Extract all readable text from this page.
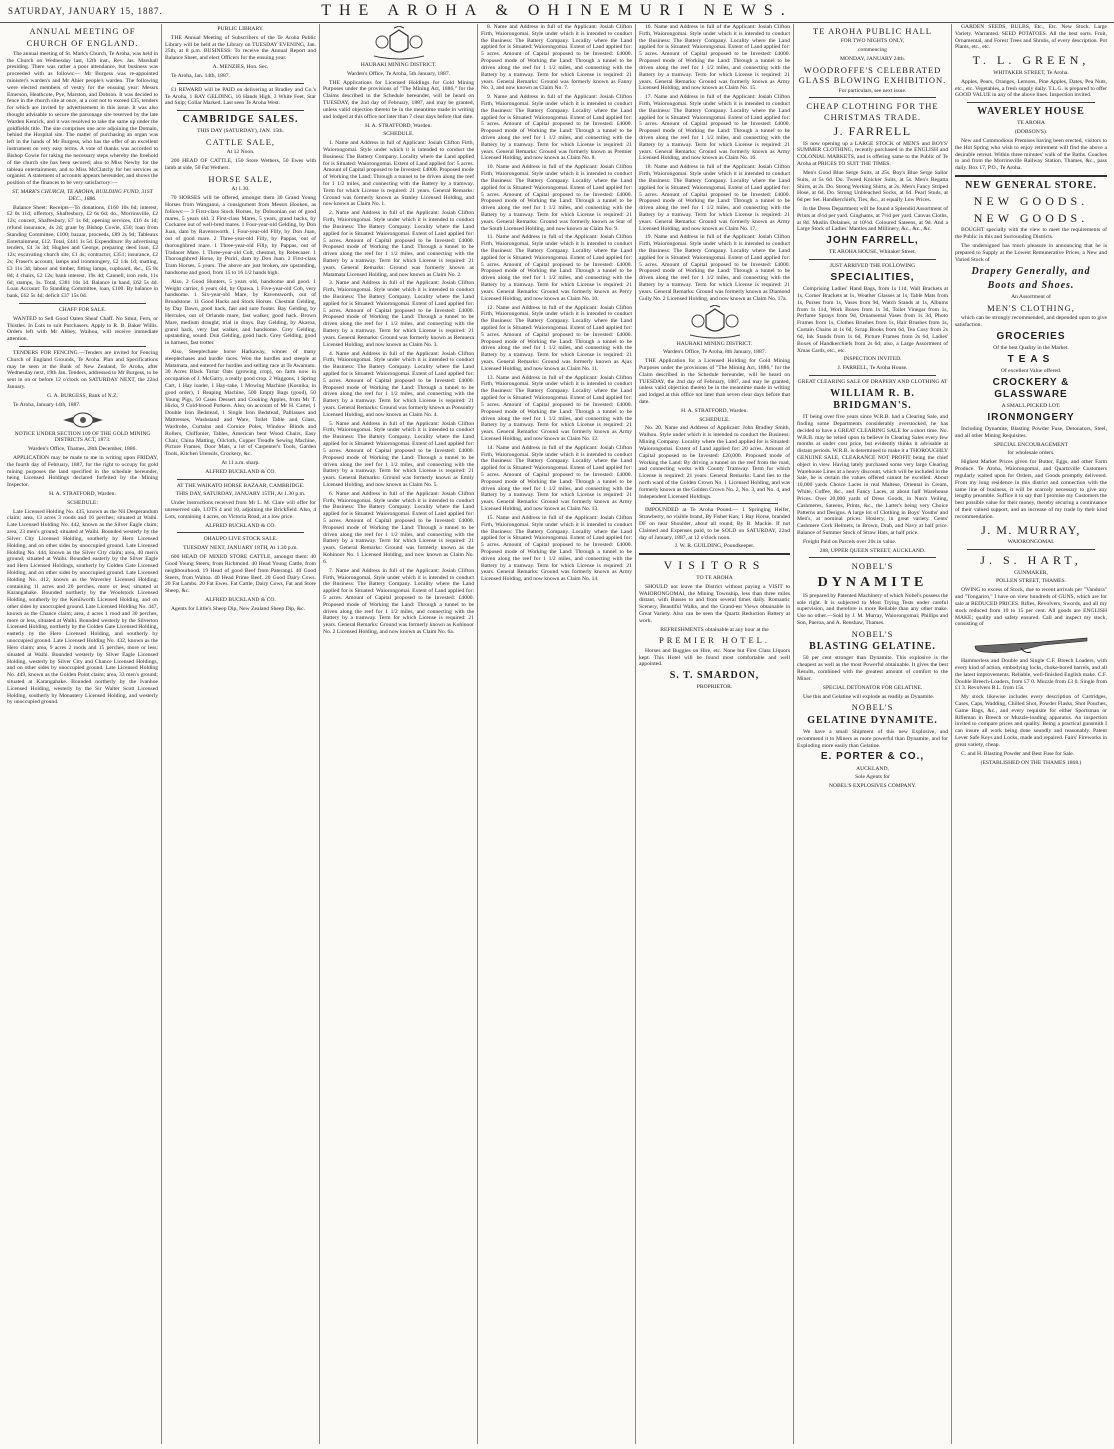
SATURDAY, JANUARY 15, 1887.	THE AROHA & OHINEMURI NEWS.
ANNUAL MEETING OF
CHURCH OF ENGLAND.

The annual meeting of St. Mark's Church, Te Aroha, was held in the Church on Wednesday last, 12th inst., Rev. Jas. Marshall presiding. There was rather a poor attendance, but business was proceeded with as follows:— Mr Burgess was re-appointed minister's warden's and Mr Ahier people's warden. The following were elected members of vestry for the ensuing year: Messrs Emerson, Heathcote, Pye, Marston, and Dobson. It was decided to fence in the church site at once, at a cost not to exceed £35, tenders for which are invited by advertisement in this issue. It was also thought advisable to secure the parsonage site reserved by the late Warden Kenrick, and it was resolved to take the same up under the goldfields title. The site comprises one acre adjoining the Domain, behind the Hospital site. The matter of purchasing an organ was left in the hands of Mr Burgess, who has the offer of an excellent instrument on very easy terms. A vote of thanks was accorded to Bishop Cowie for taking the necessary steps whereby the freehold of the church site has been secured; also to Miss Newby for the tableau entertainment, and to Miss McClatchy for her services as organist. A statement of accounts appears hereunder, and shows the position of the finances to be very satisfactory:—

ST. MARK'S CHURCH, TE AROHA, BUILDING FUND, 31ST DEC., 1886.

Balance Sheet: Receipts—To donations, £160 10s 6d; interest, £2 0s 11d; offertory, Shaftesbury, £2 6s 6d; do., Morrinsville, £2 12s; concert, Shaftesbury, £7 1s 6d; opening services, £16 4s 1d; refund insurance, 4s 2d; grant by Bishop Cowie, £50; loan from Standing Committee, £100; bazaar, proceeds, £89 2s 9d; Tableaux Entertainment, £12. Total, £441 1s 5d. Expenditure: By advertising tenders, £4 3s 3d; Hughes and George, preparing deed loan, £2 12s; excavating church site, £1 4s; contractor, £351; insurance, £2 2s; Fraser's account, lamps and ironmongery, £2 14s 1d; matting, £3 11s 3d; labour and timber, fitting lamps, cupboard, &c., £5 8s 8d; 4 chairs, £2 12s; bank interest, 19s 4d; Cannell, iron rods, 11s 6d; stamps, 1s. Total, £381 16s 1d. Balance in hand, £62 5s 4d. Loan Account: To Standing Committee, loan, £100. By balance in bank, £62 5s 4d; deficit £37 15s 0d.

CHAFF FOR SALE.

WANTED to Sell Good Oaten Sheaf Chaff. No Smut, Fern, or Thistles. In Lots to suit Purchasers. Apply to R. B. Baker Willis. Orders left with Mr Abbey, Waihou, will receive immediate attention.

TENDERS FOR FENCING.—Tenders are invited for Fencing Church of England Grounds, Te Aroha. Plan and Specifications may be seen at the Bank of New Zealand, Te Aroha, after Wednesday next, 19th Jan. Tenders, addressed to Mr Burgess, to be sent in on or before 12 o'clock on SATURDAY NEXT, the 22nd January.

G. A. BURGESS, Bank of N.Z.

Te Aroha, January 14th, 1887.

NOTICE UNDER SECTION 109 OF THE GOLD MINING DISTRICTS ACT, 1873.

Warden's Office, Thames, 28th December, 1886.

APPLICATION may be made to me in writing upon FRIDAY, the fourth day of February, 1887, for the right to occupy for gold mining purposes the land specified in the schedule hereunder, being Licensed Holdings declared forfeited by the Mining Inspector.

H. A. STRATFORD, Warden.

SCHEDULE:

Late Licensed Holding No. 435, known as the Nil Desperandum claim; area, 13 acres 3 roods and 16 perches; situated at Waihi. Late Licensed Holding No. 442, known as the Silver Eagle claim; area, 23 men's ground; situated at Waihi. Bounded westerly by the Silver City Licensed Holding, southerly by Hero Licensed Holding, and on other sides by unoccupied ground. Late Licensed Holding No. 444, known as the Silver City claim; area, 40 men's ground; situated at Waihi. Bounded easterly by the Silver Eagle and Hero Licensed Holdings, southerly by Golden Gate Licensed Holding, and on other sides by unoccupied ground. Late Licensed Holding No. 412, known as the Waverley Licensed Holding; containing 11 acres and 20 perches, more or less; situated at Karangahake. Bounded northerly by the Woolstock Licensed Holding, southerly by the Kenilworth Licensed Holding, and on other sides by unoccupied ground. Late Licensed Holding No. 447, known as the Chance claim; area, 4 acres 1 rood and 30 perches, more or less, situated at Waihi. Bounded westerly by the Silverton Licensed Holding, northerly by the Golden Gate Licensed Holding, easterly by the Hero Licensed Holding, and southerly by unoccupied ground. Late Licensed Holding No. 432, known as the Hero claim; area, 9 acres 2 roods and 15 perches, more or less; situated at Waihi. Bounded westerly by Silver Eagle Licensed Holding, westerly by Silver City and Chance Licensed Holdings, and on other sides by unoccupied ground. Late Licensed Holding No. 449, known as the Golden Point claim; area, 33 men's ground; situated at Karangahake. Bounded northerly by the Ivanhoe Licensed Holding, westerly by the Sir Walter Scott Licensed Holding, southerly by Monastery Licensed Holding, and westerly by unoccupied ground.

PUBLIC LIBRARY.

THE Annual Meeting of Subscribers of the Te Aroha Public Library will be held at the Library on TUESDAY EVENING, Jan. 25th, at 8 p.m. BUSINESS: To receive the Annual Report and Balance Sheet, and elect Officers for the ensuing year.

A. MENZIES, Hon. Sec.

Te Aroha, Jan. 14th, 1887.

£1 REWARD will be PAID on delivering at Bradley and Co.'s Te Aroha, 1 BAY GELDING, 16 Hands High, 3 White Feet, Star and Snip; Collar Marked. Last seen Te Aroha West.

CAMBRIDGE SALES.
THIS DAY (SATURDAY), JAN. 15th.
CATTLE SALE,
At 12 Noon.

200 HEAD OF CATTLE, 150 Store Wethers, 50 Ewes with lamb at side, 50 Fat Wethers.

HORSE SALE,
At 1.30.

70 HORSES will be offered, amongst them 30 Grand Young Horses from Wanganui, a consignment from Messrs Hooken, as follows:— 3 First-class Stock Horses, by Dobsonian out of good mares, 5 years old. 3 First-class Mares, 5 years, grand hacks, by Cockaree out of well-bred mares. 1 Four-year-old Gelding, by Don Juan, dam by Ravensworth. 1 Four-year-old Filly, by Don Juan, out of good mare. 2 Three-year-old Filly, by Pappas, out of thoroughbred mare. 1 Three-year-old Filly, by Pappas, out of Tradacer Mare. 1 Three-year-old Colt, chestnut, by Rebecaaer. 1 Thoroughbred Horse, by Puriri, dam by Don Juan. 2 First-class Tram Horses, 5 years. The above are just broken, are upstanding, handsome and good, from 15 to 16 1/2 hands high.

Also, 2 Good Hunters, 5 years old, handsome and good. 1 Weight carrier, 6 years old, by Opawa. 1 Five-year-old Cob, very handsome. 1 Six-year-old Mare, by Ravensworth, out of Broadstone. 11 Good Hacks and Stock Horses. Chestnut Gelding, by Day Dawn, good hack, fast and sure footer. Bay Gelding, by Hercules, out of Orlando mare, fast walker, good hack. Brown Mare, medium draught, trial in drays. Bay Gelding, by Akaroa, grand hack, very fast walker, and handsome. Grey Gelding, upstanding, sound. Dun Gelding, good hack. Grey Gelding, good in harness, fast trotter.

Also, Steeplechase horse Harkaway, winner of many steeplechases and hurdle races. Won the hurdles and steeple at Matamata, and entered for hurdles and selling race at Te Awamutu. 30 Acres Black Tartar Oats (growing crop), on farm now in occupation of J. McGarry, a really good crop. 2 Waggons, 1 Spring Cart, 1 Hay loader, 1 Hay-rake, 1 Mowing Machine (Kosnika, in good order), 1 Reaping Machine, 500 Empty Bags (good), 50 Young Pigs, 50 Cases Dessert and Cooking Apples, from Mr T. Hicks, 9 Cold-brood Porkers. Also, on account of Mr H. Carter, 1 Double Iron Bedstead, 1 Single Iron Bedstead, Palliasses and Mattresses, Washstand and Ware, Toilet Table and Glass, Wardrobe, Curtains and Cornice Poles, Window Blinds and Rollers, Chiffonier, Tables, American bent Wood Chairs, Easy Chair, China Matting, Oilcloth, Copper Treadle Sewing Machine, Picture Frames, Door Mats, a lot of Carpenter's Tools, Garden Tools, Kitchen Utensils, Crockery, &c.

At 11 a.m. sharp.
ALFRED BUCKLAND & CO.
AT THE WAIKATO HORSE BAZAAR, CAMBRIDGE.
THIS DAY, SATURDAY, JANUARY 15TH, At 1.30 p.m.

Under instructions received from Mr L. M. Clare will offer for unreserved sale, LOTS 4 and 10, adjoining the Brickfield. Also, 4 Lots, containing 4 acres, on Victoria Road, at a low price.

ALFRED BUCKLAND & CO.
OHAUPO LIVE STOCK SALE.
TUESDAY NEXT, JANUARY 18TH, At 1.30 p.m.

600 HEAD OF MIXED STORE CATTLE, amongst them: 40 Good Young Steers, from Richmond. 40 Head Young Cattle, from neighbourhood. 19 Head of good Beef from Paterangi. 40 Good Steers, from Waitoa. 40 Head Prime Beef. 20 Good Dairy Cows. 20 Fat Lambs. 20 Fat Ewes. Fat Cattle, Dairy Cows, Fat and Store Sheep, &c.

ALFRED BUCKLAND & CO.

Agents for Little's Sheep Dip, New Zealand Sheep Dip, &c.

HAURAKI MINING DISTRICT.
Warden's Office, Te Aroha, 5th January, 1887.

THE Applications for Licensed Holdings for Gold Mining Purposes under the provisions of "The Mining Act, 1886," for the Claims described in the Schedule hereunder, will be heard on TUESDAY, the 2nd day of February, 1887, and may be granted, unless valid objection thereto be in the meantime made in writing and lodged at this office not later than 7 clear days before that date.

H. A. STRATFORD, Warden.

SCHEDULE.

1. Name and Address in full of Applicant: Josiah Clifton Firth, Waiorongomai. Style under which it is intended to conduct the Business: The Battery Company. Locality where the Land applied for is Situated: Waiorongomai. Extent of Land applied for: 5 acres. Amount of Capital proposed to be Invested: £4000. Proposed mode of Working the Land: Through a tunnel to be driven along the reef for 1 1/2 miles, and connecting with the Battery by a tramway. Term for which License is required: 21 years. General Remarks: Ground was formerly known as Stanley Licensed Holding, and now known as Claim No. 1.

2. Name and Address in full of the Applicant: Josiah Clifton Firth, Waiorongomai. Style under which it is intended to conduct the Business: The Battery Company. Locality where the Land applied for is Situated: Waiorongomai. Extent of Land applied for: 5 acres. Amount of Capital proposed to be Invested: £4000. Proposed mode of Working the Land: Through a tunnel to be driven along the reef for 1 1/2 miles, and connecting with the Battery by a tramway. Term for which License is required: 21 years. General Remarks: Ground was formerly known as Matamata Licensed Holding, and now known as Claim No. 2.

3. Name and Address in full of the Applicant: Josiah Clifton Firth, Waiorongomai. Style under which it is intended to conduct the Business: The Battery Company. Locality where the Land applied for is Situated: Waiorongomai. Extent of Land applied for: 5 acres. Amount of Capital proposed to be Invested: £4000. Proposed mode of Working the Land: Through a tunnel to be driven along the reef for 1 1/2 miles, and connecting with the Battery by a tramway. Term for which License is required: 21 years. General Remarks: Ground was formerly known as Remuera Licensed Holding, and now known as Claim No. 3.

4. Name and Address in full of the Applicant: Josiah Clifton Firth, Waiorongomai. Style under which it is intended to conduct the Business: The Battery Company. Locality where the Land applied for is Situated: Waiorongomai. Extent of Land applied for: 5 acres. Amount of Capital proposed to be Invested: £4000. Proposed mode of Working the Land: Through a tunnel to be driven along the reef for 1 1/2 miles, and connecting with the Battery by a tramway. Term for which License is required: 21 years. General Remarks: Ground was formerly known as Ponsonby Licensed Holding, and now known as Claim No. 4.

5. Name and Address in full of the Applicant: Josiah Clifton Firth, Waiorongomai. Style under which it is intended to conduct the Business: The Battery Company. Locality where the Land applied for is Situated: Waiorongomai. Extent of Land applied for: 5 acres. Amount of Capital proposed to be Invested: £4000. Proposed mode of Working the Land: Through a tunnel to be driven along the reef for 1 1/2 miles, and connecting with the Battery by a tramway. Term for which License is required: 21 years. General Remarks: Ground was formerly known as Emily Licensed Holding, and now known as Claim No. 5.

6. Name and Address in full of the Applicant: Josiah Clifton Firth, Waiorongomai. Style under which it is intended to conduct the Business: The Battery Company. Locality where the Land applied for is Situated: Waiorongomai. Extent of Land applied for: 5 acres. Amount of Capital proposed to be Invested: £4000. Proposed mode of Working the Land: Through a tunnel to be driven along the reef for 1 1/2 miles, and connecting with the Battery by a tramway. Term for which License is required: 21 years. General Remarks: Ground was formerly known as the Kohinoor No. 1 Licensed Holding, and now known as Claim No. 6.

7. Name and Address in full of the Applicant: Josiah Clifton Firth, Waiorongomai. Style under which it is intended to conduct the Business: The Battery Company. Locality where the Land applied for is Situated: Waiorongomai. Extent of Land applied for: 5 acres. Amount of Capital proposed to be Invested: £4000. Proposed mode of Working the Land: Through a tunnel to be driven along the reef for 1 1/2 miles, and connecting with the Battery by a tramway. Term for which License is required: 21 years. General Remarks: Ground was formerly known as Kohinoor No. 2 Licensed Holding, and now known as Claim No. 6a.

8. Name and Address in full of the Applicant: Josiah Clifton Firth, Waiorongomai. Style under which it is intended to conduct the Business: The Battery Company. Locality where the Land applied for is Situated: Waiorongomai. Extent of Land applied for: 5 acres. Amount of Capital proposed to be Invested: £4000. Proposed mode of Working the Land: Through a tunnel to be driven along the reef for 1 1/2 miles, and connecting with the Battery by a tramway. Term for which License is required: 21 years. General Remarks: Ground was formerly known as Fanny No. 3, and now known as Claim No. 7.

9. Name and Address in full of the Applicant: Josiah Clifton Firth, Waiorongomai. Style under which it is intended to conduct the Business: The Battery Company. Locality where the Land applied for is Situated: Waiorongomai. Extent of Land applied for: 5 acres. Amount of Capital proposed to be Invested: £4000. Proposed mode of Working the Land: Through a tunnel to be driven along the reef for 1 1/2 miles, and connecting with the Battery by a tramway. Term for which License is required: 21 years. General Remarks: Ground was formerly known as Premier Licensed Holding, and now known as Claim No. 8.

10. Name and Address in full of the Applicant: Josiah Clifton Firth, Waiorongomai. Style under which it is intended to conduct the Business: The Battery Company. Locality where the Land applied for is Situated: Waiorongomai. Extent of Land applied for: 5 acres. Amount of Capital proposed to be Invested: £4000. Proposed mode of Working the Land: Through a tunnel to be driven along the reef for 1 1/2 miles, and connecting with the Battery by a tramway. Term for which License is required: 21 years. General Remarks: Ground was formerly known as Star of the South Licensed Holding, and now known as Claim No. 9.

11. Name and Address in full of the Applicant: Josiah Clifton Firth, Waiorongomai. Style under which it is intended to conduct the Business: The Battery Company. Locality where the Land applied for is Situated: Waiorongomai. Extent of Land applied for: 5 acres. Amount of Capital proposed to be Invested: £4000. Proposed mode of Working the Land: Through a tunnel to be driven along the reef for 1 1/2 miles, and connecting with the Battery by a tramway. Term for which License is required: 21 years. General Remarks: Ground was formerly known as Percy Licensed Holding, and now known as Claim No. 10.

12. Name and Address in full of the Applicant: Josiah Clifton Firth, Waiorongomai. Style under which it is intended to conduct the Business: The Battery Company. Locality where the Land applied for is Situated: Waiorongomai. Extent of Land applied for: 5 acres. Amount of Capital proposed to be Invested: £4000. Proposed mode of Working the Land: Through a tunnel to be driven along the reef for 1 1/2 miles, and connecting with the Battery by a tramway. Term for which License is required: 21 years. General Remarks: Ground was formerly known as Ajax Licensed Holding, and now known as Claim No. 11.

13. Name and Address in full of the Applicant: Josiah Clifton Firth, Waiorongomai. Style under which it is intended to conduct the Business: The Battery Company. Locality where the Land applied for is Situated: Waiorongomai. Extent of Land applied for: 5 acres. Amount of Capital proposed to be Invested: £4000. Proposed mode of Working the Land: Through a tunnel to be driven along the reef for 1 1/2 miles, and connecting with the Battery by a tramway. Term for which License is required: 21 years. General Remarks: Ground was formerly known as Army Licensed Holding, and now known as Claim No. 12.

14. Name and Address in full of the Applicant: Josiah Clifton Firth, Waiorongomai. Style under which it is intended to conduct the Business: The Battery Company. Locality where the Land applied for is Situated: Waiorongomai. Extent of Land applied for: 5 acres. Amount of Capital proposed to be Invested: £4000. Proposed mode of Working the Land: Through a tunnel to be driven along the reef for 1 1/2 miles, and connecting with the Battery by a tramway. Term for which License is required: 21 years. General Remarks: Ground was formerly known as Army Licensed Holding, and now known as Claim No. 13.

15. Name and Address in full of the Applicant: Josiah Clifton Firth, Waiorongomai. Style under which it is intended to conduct the Business: The Battery Company. Locality where the Land applied for is Situated: Waiorongomai. Extent of Land applied for: 5 acres. Amount of Capital proposed to be Invested: £4000. Proposed mode of Working the Land: Through a tunnel to be driven along the reef for 1 1/2 miles, and connecting with the Battery by a tramway. Term for which License is required: 21 years. General Remarks: Ground was formerly known as Army Licensed Holding, and now known as Claim No. 14.

16. Name and Address in full of the Applicant: Josiah Clifton Firth, Waiorongomai. Style under which it is intended to conduct the Business: The Battery Company. Locality where the Land applied for is Situated: Waiorongomai. Extent of Land applied for: 5 acres. Amount of Capital proposed to be Invested: £4000. Proposed mode of Working the Land: Through a tunnel to be driven along the reef for 1 1/2 miles, and connecting with the Battery by a tramway. Term for which License is required: 21 years. General Remarks: Ground was formerly known as Army Licensed Holding, and now known as Claim No. 15.

17. Name and Address in full of the Applicant: Josiah Clifton Firth, Waiorongomai. Style under which it is intended to conduct the Business: The Battery Company. Locality where the Land applied for is Situated: Waiorongomai. Extent of Land applied for: 5 acres. Amount of Capital proposed to be Invested: £4000. Proposed mode of Working the Land: Through a tunnel to be driven along the reef for 1 1/2 miles, and connecting with the Battery by a tramway. Term for which License is required: 21 years. General Remarks: Ground was formerly known as Army Licensed Holding, and now known as Claim No. 16.

18. Name and Address in full of the Applicant: Josiah Clifton Firth, Waiorongomai. Style under which it is intended to conduct the Business: The Battery Company. Locality where the Land applied for is Situated: Waiorongomai. Extent of Land applied for: 5 acres. Amount of Capital proposed to be Invested: £4000. Proposed mode of Working the Land: Through a tunnel to be driven along the reef for 1 1/2 miles, and connecting with the Battery by a tramway. Term for which License is required: 21 years. General Remarks: Ground was formerly known as Army Licensed Holding, and now known as Claim No. 17.

19. Name and Address in full of the Applicant: Josiah Clifton Firth, Waiorongomai. Style under which it is intended to conduct the Business: The Battery Company. Locality where the Land applied for is Situated: Waiorongomai. Extent of Land applied for: 5 acres. Amount of Capital proposed to be Invested: £4000. Proposed mode of Working the Land: Through a tunnel to be driven along the reef for 1 1/2 miles, and connecting with the Battery by a tramway. Term for which License is required: 21 years. General Remarks: Ground was formerly known as Diamond Gully No. 2 Licensed Holding, and now known as Claim No. 17a.

HAURAKI MINING DISTRICT.
Warden's Office, Te Aroha, 8th January, 1887.

THE Application for a Licensed Holding for Gold Mining Purposes under the provisions of "The Mining Act, 1886," for the Claim described in the Schedule hereunder, will be heard on TUESDAY, the 2nd day of February, 1887, and may be granted, unless valid objection thereto be in the meantime made in writing and lodged at this office not later than seven clear days before that date.

H. A. STRATFORD, Warden.

SCHEDULE.

No. 20. Name and Address of Applicant: John Bradley Smith, Waihou. Style under which it is intended to conduct the Business: Mining Company. Locality where the Land applied for is Situated: Waiorongomai. Extent of Land applied for: 20 acres. Amount of Capital proposed to be Invested: £20,000. Proposed mode of Working the Land: By driving a tunnel on the reef from the road, and connecting works with County Tramway. Term for which License is required: 21 years. General Remarks: Land lies to the north ward of the Golden Crown No. 1 Licensed Holding, and was formerly known as the Golden Crown No. 2, No. 3, and No. 4, and Independent Licensed Holdings.

IMPOUNDED at Te Aroha Pound.— 1 Springing Heifer, Strawberry, no visible brand, By Fisher Kan; 1 Bay Horse, branded DF on near Shoulder, about all round, By B. Mackie. If not Claimed and Expenses paid, to be SOLD on SATURDAY, 22nd day of January, 1887, at 12 o'clock noon.

J. W. R. GUILDING, Poundkeeper.

VISITORS
TO TE AROHA

SHOULD not leave the District without paying a VISIT to WAIORONGOMAI, the Mining Township, less than three miles distant, with Busses to and from several times daily. Romantic Scenery, Beautiful Walks, and the Grand-est Views obtainable in Great Variety. Also can be seen the Quartz Reduction Battery at work.

REFRESHMENTS obtainable at any hour at the
PREMIER HOTEL.

Horses and Buggies on Hire, etc. None but First Class Liquors kept. This Hotel will be found most comfortable and well appointed.

S. T. SMARDON,
PROPRIETOR.
TE AROHA PUBLIC HALL
FOR TWO NIGHTS ONLY,
commencing
MONDAY, JANUARY 24th.
WOODROFFE'S CELEBRATED GLASS BLOWING EXHIBITION.
For particulars, see next issue.
CHEAP CLOTHING FOR THE CHRISTMAS TRADE.
J. FARRELL

IS now opening up a LARGE STOCK of MEN'S and BOYS' SUMMER CLOTHING, recently purchased in the ENGLISH and COLONIAL MARKETS, and is offering same to the Public of Te Aroha at PRICES TO SUIT THE TIMES.

Men's Good Blue Serge Suits, at 25s. Boy's Blue Serge Sailor Suits, at 5s 6d. Do. Tweed Knicker Suits, at 5s. Men's Regatta Shirts, at 2s. Do. Strong Working Shirts, at 2s. Men's Fancy Striped Hose, at 6d. Do. Strong Unbleached Socks, at 6d. Pearl Studs, at 6d per Set. Handkerchiefs, Ties, &c., at equally Low Prices.

In the Dress Department will be found a Splendid Assortment of Prints at 4½d per yard. Ginghams, at 7½d per yard. Canvas Cloths, at 8d. Muslin Delaines, at 10½d. Coloured Sateens, at 9d. And a Large Stock of Ladies' Mantles and Millinery, &c., &c., &c.

JOHN FARRELL,
TE AROHA HOUSE, Whitaker Street.
JUST ARRIVED THE FOLLOWING
SPECIALITIES,

Comprising Ladies' Hand Bags, from 1s 11d, Wall Brackets at 1s, Corner Brackets at 1s, Weather Glasses at 1s, Table Mats from 1s, Purses from 1s, Vases from 9d, Watch Stands at 1s, Albums from 1s 11d, Work Boxes from 1s 3d, Toilet Vinegar from 1s, Perfume Sprays from 9d, Ornamental Vases from 1s 3d, Photo Frames from 1s, Clothes Brushes from 1s, Hair Brushes from 1s, Curtain Chains at 1s 6d, Scrap Books from 6d, Tea Cosy from 2s 6d, Ink Stands from 1s 6d, Picture Frames from 2s 6d, Ladies' Boxes of Handkerchiefs from 2s 6d; also, a Large Assortment of Xmas Cards, etc., etc.

INSPECTION INVITED.
J. FARRELL, Te Aroha House.
GREAT CLEARING SALE OF DRAPERY AND CLOTHING AT
WILLIAM R. B. BRIDGMAN'S.

IT being over five years since W.R.B. had a Clearing Sale, and finding some Departments considerably overstocked, he has decided to have a GREAT CLEARING SALE for a short time. No. W.R.B. may be relied upon to believe in Clearing Sales every few months at under cost price, but evidently thinks it advisable at distant periods. W.R.B. is determined to make it a THOROUGHLY GENUINE SALE, CLEARANCE NOT PROFIT being the chief object in view. Having lately purchased some very large Clearing Warehouse Lines at a heavy discount, which will be included in the Sale, he is certain the values offered cannot be excelled. About 10,000 yards Choice Laces in real Maltese, Oriental in Cream, White, Coffee, &c., and Fancy Laces, at about half Warehouse Prices. Over 20,000 yards of Dress Goods, in Nun's Veiling, Cashmeres, Sateens, Prints, &c., the Latter's being very Choice Patterns and Designs. A large lot of Clothing in Boys' Youths' and Men's, at nominal prices. Hosiery, in great variety. Gents' Cashmere Cork Helmets, in Brown, Drab, and Navy at half price. Balance of Summer Stock of Straw Hats, at half price.

Freight Paid on Parcels over 20s in value.

288, UPPER QUEEN STREET, AUCKLAND.
NOBEL'S
DYNAMITE

IS prepared by Patented Machinery of which Nobel's possess the sole right. It is subjected to Most Trying Tests under careful supervision, and therefore is more Reliable than any other make. Use no other.—Sold by J. M. Murray, Waiorongomai; Phillips and Son, Paeroa, and A. Renshaw, Thames.

NOBEL'S
BLASTING GELATINE.

50 per cent stronger than Dynamite. This explosive is the cheapest as well as the most Powerful obtainable. It gives the best Results, combined with the greatest amount of comfort to the Miner.

SPECIAL DETONATOR FOR GELATINE.

Use this and Gelatine will explode as readily as Dynamite.

NOBEL'S
GELATINE DYNAMITE.

We have a small Shipment of this new Explosive, and recommend it to Miners as more powerful than Dynamite, and for Exploding more easily than Gelatine.

E. PORTER & CO.,
AUCKLAND,
Sole Agents for
NOBEL'S EXPLOSIVES COMPANY.

GARDEN SEEDS, BULBS, Etc., Etc. New Stock. Large Variety. Warranted. SEED POTATOES. All the best sorts. Fruit, Ornamental, and Forest Trees and Shrubs, of every description. Pot Plants, etc., etc.

T. L. GREEN,
WHITAKER STREET, Te Aroha.

Apples, Pears, Oranges, Lemons, Pine Apples, Dates, Pea Nuts, etc., etc. Vegetables, a fresh supply daily. T.L.G. is prepared to offer GOOD VALUE in any of the above lines. Inspection invited.

WAVERLEY HOUSE
TE AROHA
(DOBSON'S).

New and Commodious Premises having been erected, visitors to the Hot Spring who wish to enjoy retirement will find the above a desirable retreat. Within three minutes' walk of the Baths. Coaches to and from the Morrinsville Railway Station, Thames, &c., pass daily. Box 17, P.O., Te Aroha.

NEW GENERAL STORE.
NEW GOODS.
NEW GOODS.

BOUGHT specially with the view to meet the requirements of the Public in this and Surrounding Districts.

The undersigned has much pleasure in announcing that he is prepared to Supply at the Lowest Remunerative Prices, a New and Varied Stock of

Drapery Generally, and
Boots and Shoes.
An Assortment of
MEN'S CLOTHING,

which can be strongly recommended, and depended upon to give satisfaction.

GROCERIES
Of the best Quality in the Market.
TEAS
Of excellent Value offered.
CROCKERY & GLASSWARE
A SMALL PICKED LOT.
IRONMONGERY

Including Dynamite, Blasting Powder Fuse, Detonators, Steel, and all other Mining Requisites.

SPECIAL ENCOURAGEMENT
for wholesale orders.

Highest Market Prices given for Butter, Eggs, and other Farm Produce. Te Aroha, Waiorongomai, and Quartzville Customers regularly waited upon for Orders, and Goods promptly delivered. From my long residence in this district and connection with the same line of business, it will be scarcely necessary to give any lengthy preamble. Suffice it to say that I promise my Customers the best possible value for their money, thereby securing a continuance of their valued support, and an increase of my trade by their kind recommendation.

J. M. MURRAY,
WAIORONGOMAI.
J. S. HART,
GUNMAKER,
POLLEN STREET, THAMES.

OWING to excess of Stock, due to recent arrivals per "Vandura" and "Tongariro," I have on view hundreds of GUNS, which are for sale at REDUCED PRICES. Rifles, Revolvers, Swords, and all my stock reduced from 10 to 15 per cent. All goods are ENGLISH MAKE; quality and safety ensured. Call and inspect my stock, consisting of

Hammerless and Double and Single C.F. Breech Loaders, with every kind of action, embodying locks, choke-bored barrels, and all the latest improvements. Reliable, well-finished English make. C.F. Double Breech-Loaders, from £7 0. Muzzle from £3 0. Single from £1 3. Revolvers B.L. from 15s.

My stock likewise includes every description of Cartridges, Cases, Caps, Wadding, Chilled Shot, Powder Flasks, Shot Pouches, Game Bags, &c., and every requisite for either Sportsman or Rifleman in Breech or Muzzle-loading apparatus. An inspection invited to compare prices and quality. Being a practical gunsmith I can insure all work being done soundly and reasonably. Patent Lever Safe Keys and Locks, made and repaired. Fairs' Fireworks in great variety, cheap.

C. and H. Blasting Powder and Best Fuse for Sale.

(ESTABLISHED ON THE THAMES 1868.)
